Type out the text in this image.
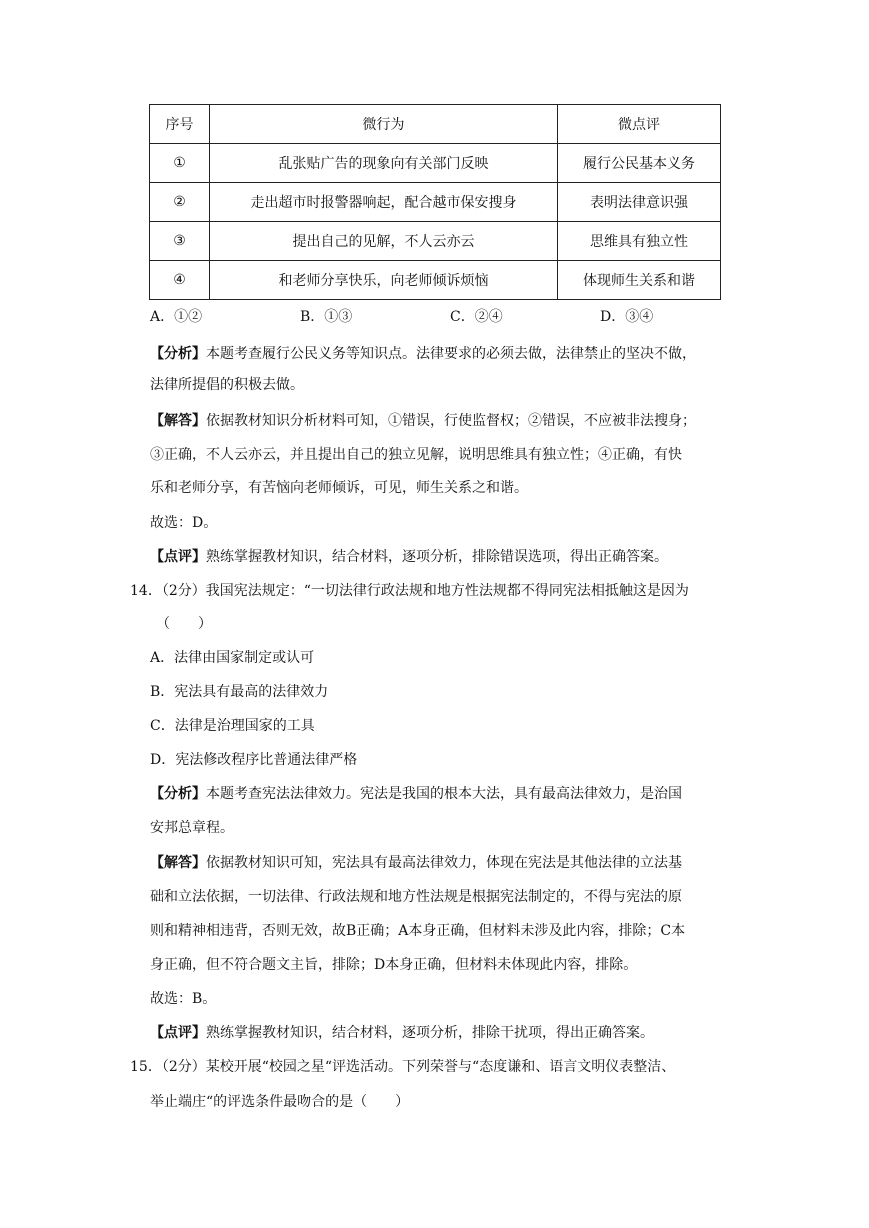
序号	微行为	微点评
①	乱张贴广告的现象向有关部门反映	履行公民基本义务
②	走出超市时报警器响起，配合越市保安搜身	表明法律意识强
③	提出自己的见解，不人云亦云	思维具有独立性
④	和老师分享快乐，向老师倾诉烦恼	体现师生关系和谐
A．①②	B．①③	C．②④	D．③④
【分析】本题考查履行公民义务等知识点。法律要求的必须去做，法律禁止的坚决不做，
法律所提倡的积极去做。
【解答】依据教材知识分析材料可知，①错误，行使监督权；②错误，不应被非法搜身；
③正确，不人云亦云，并且提出自己的独立见解，说明思维具有独立性；④正确，有快
乐和老师分享，有苦恼向老师倾诉，可见，师生关系之和谐。
故选：D。
【点评】熟练掌握教材知识，结合材料，逐项分析，排除错误选项，得出正确答案。
14．（2分）我国宪法规定：“一切法律行政法规和地方性法规都不得同宪法相抵触这是因为
（　　）
A．法律由国家制定或认可
B．宪法具有最高的法律效力
C．法律是治理国家的工具
D．宪法修改程序比普通法律严格
【分析】本题考查宪法法律效力。宪法是我国的根本大法，具有最高法律效力，是治国
安邦总章程。
【解答】依据教材知识可知，宪法具有最高法律效力，体现在宪法是其他法律的立法基
础和立法依据，一切法律、行政法规和地方性法规是根据宪法制定的，不得与宪法的原
则和精神相违背，否则无效，故B正确；A本身正确，但材料未涉及此内容，排除；C本
身正确，但不符合题文主旨，排除；D本身正确，但材料未体现此内容，排除。
故选：B。
【点评】熟练掌握教材知识，结合材料，逐项分析，排除干扰项，得出正确答案。
15．（2分）某校开展“校园之星“评选活动。下列荣誉与“态度谦和、语言文明仪表整洁、
举止端庄“的评选条件最吻合的是（　　）
